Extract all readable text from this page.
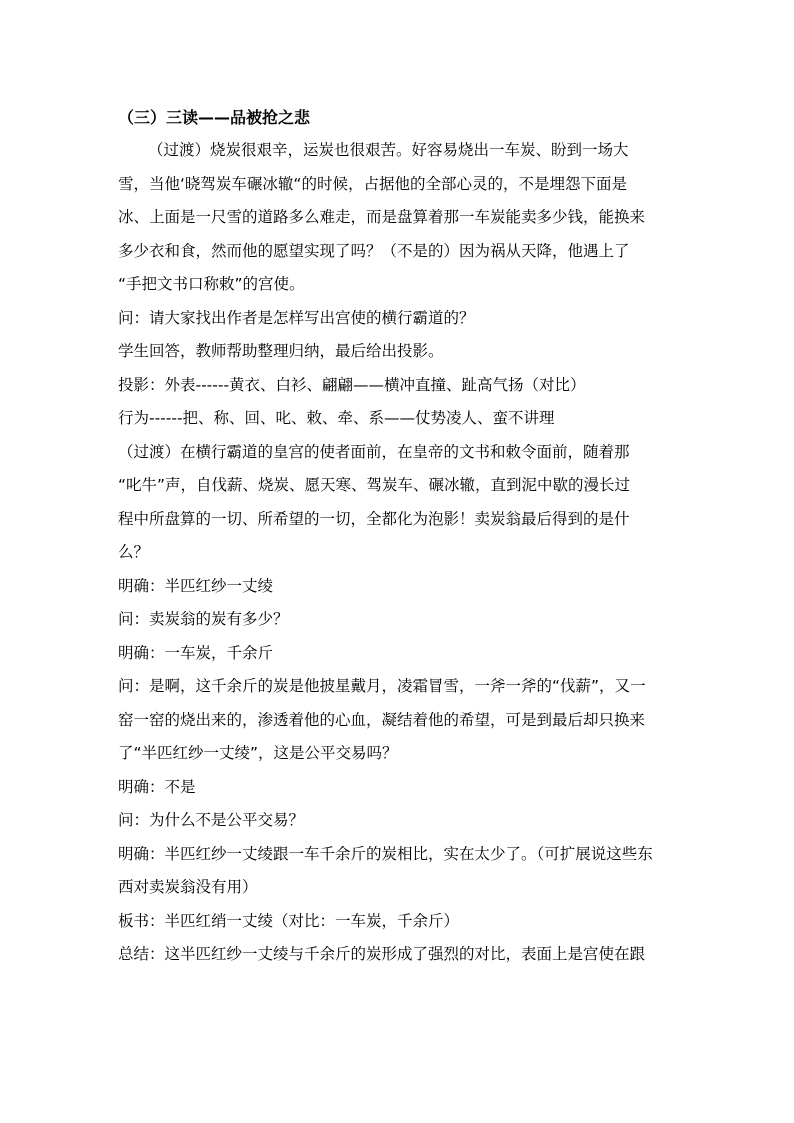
（三）三读——品被抢之悲
（过渡）烧炭很艰辛，运炭也很艰苦。好容易烧出一车炭、盼到一场大
雪，当他‘晓驾炭车碾冰辙“的时候，占据他的全部心灵的，不是埋怨下面是
冰、上面是一尺雪的道路多么难走，而是盘算着那一车炭能卖多少钱，能换来
多少衣和食，然而他的愿望实现了吗？（不是的）因为祸从天降，他遇上了
“手把文书口称敕”的宫使。
问：请大家找出作者是怎样写出宫使的横行霸道的？
学生回答，教师帮助整理归纳，最后给出投影。
投影：外表------黄衣、白衫、翩翩——横冲直撞、趾高气扬（对比）
行为------把、称、回、叱、敕、牵、系——仗势凌人、蛮不讲理
（过渡）在横行霸道的皇宫的使者面前，在皇帝的文书和敕令面前，随着那
“叱牛”声，自伐薪、烧炭、愿天寒、驾炭车、碾冰辙，直到泥中歇的漫长过
程中所盘算的一切、所希望的一切，全都化为泡影！卖炭翁最后得到的是什
么？
明确：半匹红纱一丈绫
问：卖炭翁的炭有多少？
明确：一车炭，千余斤
问：是啊，这千余斤的炭是他披星戴月，凌霜冒雪，一斧一斧的“伐薪”，又一
窑一窑的烧出来的，渗透着他的心血，凝结着他的希望，可是到最后却只换来
了“半匹红纱一丈绫”，这是公平交易吗？
明确：不是
问：为什么不是公平交易？
明确：半匹红纱一丈绫跟一车千余斤的炭相比，实在太少了。（可扩展说这些东
西对卖炭翁没有用）
板书：半匹红绡一丈绫（对比：一车炭，千余斤）
总结：这半匹红纱一丈绫与千余斤的炭形成了强烈的对比，表面上是宫使在跟
